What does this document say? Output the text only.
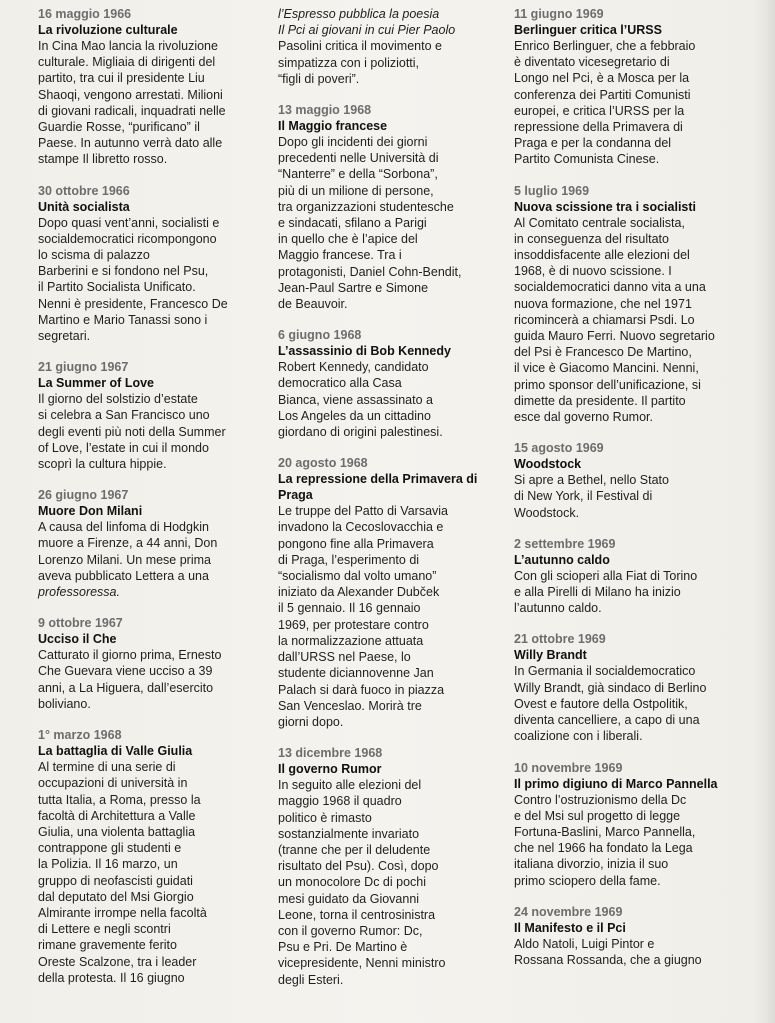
16 maggio 1966
La rivoluzione culturale
In Cina Mao lancia la rivoluzione
culturale. Migliaia di dirigenti del
partito, tra cui il presidente Liu
Shaoqi, vengono arrestati. Milioni
di giovani radicali, inquadrati nelle
Guardie Rosse, “purificano” il
Paese. In autunno verrà dato alle
stampe Il libretto rosso.
30 ottobre 1966
Unità socialista
Dopo quasi vent’anni, socialisti e
socialdemocratici ricompongono
lo scisma di palazzo
Barberini e si fondono nel Psu,
il Partito Socialista Unificato.
Nenni è presidente, Francesco De
Martino e Mario Tanassi sono i
segretari.
21 giugno 1967
La Summer of Love
Il giorno del solstizio d’estate
si celebra a San Francisco uno
degli eventi più noti della Summer
of Love, l’estate in cui il mondo
scoprì la cultura hippie.
26 giugno 1967
Muore Don Milani
A causa del linfoma di Hodgkin
muore a Firenze, a 44 anni, Don
Lorenzo Milani. Un mese prima
aveva pubblicato Lettera a una
professoressa.
9 ottobre 1967
Ucciso il Che
Catturato il giorno prima, Ernesto
Che Guevara viene ucciso a 39
anni, a La Higuera, dall’esercito
boliviano.
1° marzo 1968
La battaglia di Valle Giulia
Al termine di una serie di
occupazioni di università in
tutta Italia, a Roma, presso la
facoltà di Architettura a Valle
Giulia, una violenta battaglia
contrappone gli studenti e
la Polizia. Il 16 marzo, un
gruppo di neofascisti guidati
dal deputato del Msi Giorgio
Almirante irrompe nella facoltà
di Lettere e negli scontri
rimane gravemente ferito
Oreste Scalzone, tra i leader
della protesta. Il 16 giugno
l’Espresso pubblica la poesia
Il Pci ai giovani in cui Pier Paolo
Pasolini critica il movimento e
simpatizza con i poliziotti,
“figli di poveri”.
13 maggio 1968
Il Maggio francese
Dopo gli incidenti dei giorni
precedenti nelle Università di
“Nanterre” e della “Sorbona”,
più di un milione di persone,
tra organizzazioni studentesche
e sindacati, sfilano a Parigi
in quello che è l’apice del
Maggio francese. Tra i
protagonisti, Daniel Cohn-Bendit,
Jean-Paul Sartre e Simone
de Beauvoir.
6 giugno 1968
L’assassinio di Bob Kennedy
Robert Kennedy, candidato
democratico alla Casa
Bianca, viene assassinato a
Los Angeles da un cittadino
giordano di origini palestinesi.
20 agosto 1968
La repressione della Primavera di Praga
Le truppe del Patto di Varsavia
invadono la Cecoslovacchia e
pongono fine alla Primavera
di Praga, l’esperimento di
“socialismo dal volto umano”
iniziato da Alexander Dubček
il 5 gennaio. Il 16 gennaio
1969, per protestare contro
la normalizzazione attuata
dall’URSS nel Paese, lo
studente diciannovenne Jan
Palach si darà fuoco in piazza
San Venceslao. Morirà tre
giorni dopo.
13 dicembre 1968
Il governo Rumor
In seguito alle elezioni del
maggio 1968 il quadro
politico è rimasto
sostanzialmente invariato
(tranne che per il deludente
risultato del Psu). Così, dopo
un monocolore Dc di pochi
mesi guidato da Giovanni
Leone, torna il centrosinistra
con il governo Rumor: Dc,
Psu e Pri. De Martino è
vicepresidente, Nenni ministro
degli Esteri.
11 giugno 1969
Berlinguer critica l’URSS
Enrico Berlinguer, che a febbraio
è diventato vicesegretario di
Longo nel Pci, è a Mosca per la
conferenza dei Partiti Comunisti
europei, e critica l’URSS per la
repressione della Primavera di
Praga e per la condanna del
Partito Comunista Cinese.
5 luglio 1969
Nuova scissione tra i socialisti
Al Comitato centrale socialista,
in conseguenza del risultato
insoddisfacente alle elezioni del
1968, è di nuovo scissione. I
socialdemocratici danno vita a una
nuova formazione, che nel 1971
ricomincerà a chiamarsi Psdi. Lo
guida Mauro Ferri. Nuovo segretario
del Psi è Francesco De Martino,
il vice è Giacomo Mancini. Nenni,
primo sponsor dell’unificazione, si
dimette da presidente. Il partito
esce dal governo Rumor.
15 agosto 1969
Woodstock
Si apre a Bethel, nello Stato
di New York, il Festival di
Woodstock.
2 settembre 1969
L’autunno caldo
Con gli scioperi alla Fiat di Torino
e alla Pirelli di Milano ha inizio
l’autunno caldo.
21 ottobre 1969
Willy Brandt
In Germania il socialdemocratico
Willy Brandt, già sindaco di Berlino
Ovest e fautore della Ostpolitik,
diventa cancelliere, a capo di una
coalizione con i liberali.
10 novembre 1969
Il primo digiuno di Marco Pannella
Contro l’ostruzionismo della Dc
e del Msi sul progetto di legge
Fortuna-Baslini, Marco Pannella,
che nel 1966 ha fondato la Lega
italiana divorzio, inizia il suo
primo sciopero della fame.
24 novembre 1969
Il Manifesto e il Pci
Aldo Natoli, Luigi Pintor e
Rossana Rossanda, che a giugno
